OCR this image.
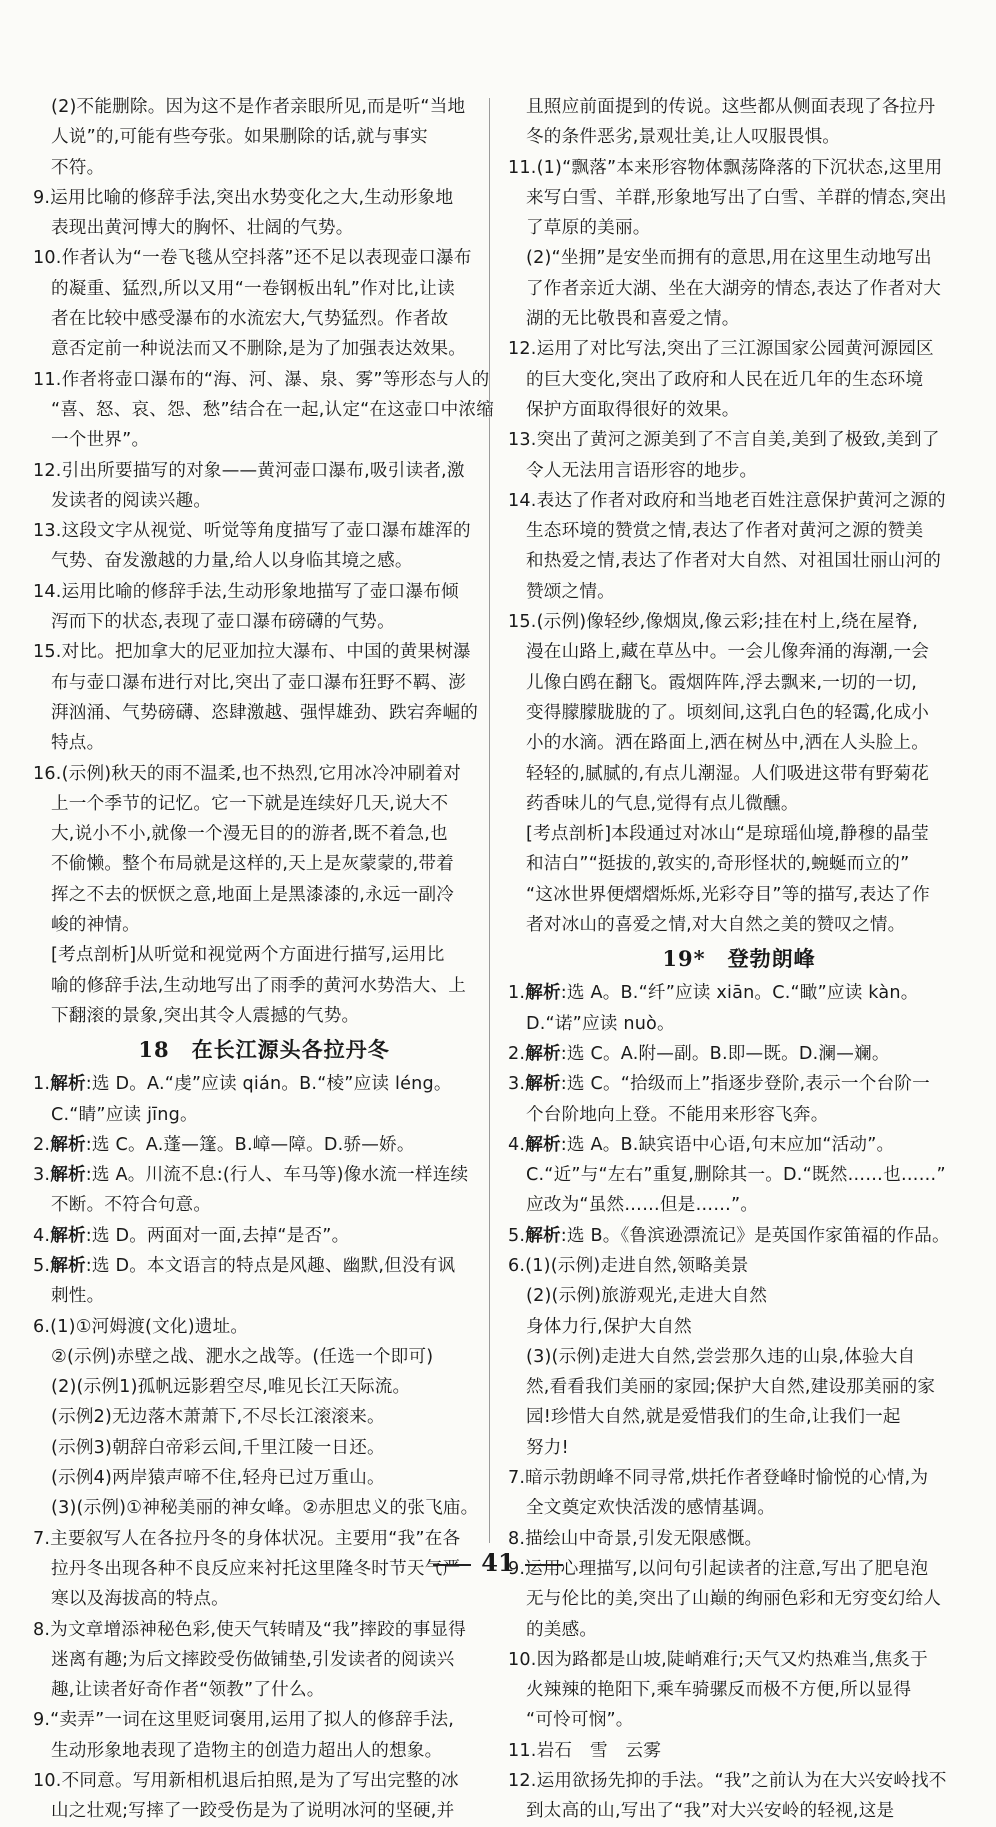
(2)不能删除。因为这不是作者亲眼所见,而是听“当地
人说”的,可能有些夸张。如果删除的话,就与事实
不符。
9.运用比喻的修辞手法,突出水势变化之大,生动形象地
表现出黄河博大的胸怀、壮阔的气势。
10.作者认为“一卷飞毯从空抖落”还不足以表现壶口瀑布
的凝重、猛烈,所以又用“一卷钢板出轧”作对比,让读
者在比较中感受瀑布的水流宏大,气势猛烈。作者故
意否定前一种说法而又不删除,是为了加强表达效果。
11.作者将壶口瀑布的“海、河、瀑、泉、雾”等形态与人的
“喜、怒、哀、怨、愁”结合在一起,认定“在这壶口中浓缩
一个世界”。
12.引出所要描写的对象——黄河壶口瀑布,吸引读者,激
发读者的阅读兴趣。
13.这段文字从视觉、听觉等角度描写了壶口瀑布雄浑的
气势、奋发激越的力量,给人以身临其境之感。
14.运用比喻的修辞手法,生动形象地描写了壶口瀑布倾
泻而下的状态,表现了壶口瀑布磅礴的气势。
15.对比。把加拿大的尼亚加拉大瀑布、中国的黄果树瀑
布与壶口瀑布进行对比,突出了壶口瀑布狂野不羁、澎
湃汹涌、气势磅礴、恣肆激越、强悍雄劲、跌宕奔崛的
特点。
16.(示例)秋天的雨不温柔,也不热烈,它用冰冷冲刷着对
上一个季节的记忆。它一下就是连续好几天,说大不
大,说小不小,就像一个漫无目的的游者,既不着急,也
不偷懒。整个布局就是这样的,天上是灰蒙蒙的,带着
挥之不去的恹恹之意,地面上是黑漆漆的,永远一副冷
峻的神情。
[考点剖析]从听觉和视觉两个方面进行描写,运用比
喻的修辞手法,生动地写出了雨季的黄河水势浩大、上
下翻滚的景象,突出其令人震撼的气势。
18　在长江源头各拉丹冬
1.解析:选 D。A.“虔”应读 qián。B.“棱”应读 léng。
C.“睛”应读 jīng。
2.解析:选 C。A.蓬—篷。B.嶂—障。D.骄—娇。
3.解析:选 A。川流不息:(行人、车马等)像水流一样连续
不断。不符合句意。
4.解析:选 D。两面对一面,去掉“是否”。
5.解析:选 D。本文语言的特点是风趣、幽默,但没有讽
刺性。
6.(1)①河姆渡(文化)遗址。
②(示例)赤壁之战、淝水之战等。(任选一个即可)
(2)(示例1)孤帆远影碧空尽,唯见长江天际流。
(示例2)无边落木萧萧下,不尽长江滚滚来。
(示例3)朝辞白帝彩云间,千里江陵一日还。
(示例4)两岸猿声啼不住,轻舟已过万重山。
(3)(示例)①神秘美丽的神女峰。②赤胆忠义的张飞庙。
7.主要叙写人在各拉丹冬的身体状况。主要用“我”在各
拉丹冬出现各种不良反应来衬托这里隆冬时节天气严
寒以及海拔高的特点。
8.为文章增添神秘色彩,使天气转晴及“我”摔跤的事显得
迷离有趣;为后文摔跤受伤做铺垫,引发读者的阅读兴
趣,让读者好奇作者“领教”了什么。
9.“卖弄”一词在这里贬词褒用,运用了拟人的修辞手法,
生动形象地表现了造物主的创造力超出人的想象。
10.不同意。写用新相机退后拍照,是为了写出完整的冰
山之壮观;写摔了一跤受伤是为了说明冰河的坚硬,并
且照应前面提到的传说。这些都从侧面表现了各拉丹
冬的条件恶劣,景观壮美,让人叹服畏惧。
11.(1)“飘落”本来形容物体飘荡降落的下沉状态,这里用
来写白雪、羊群,形象地写出了白雪、羊群的情态,突出
了草原的美丽。
(2)“坐拥”是安坐而拥有的意思,用在这里生动地写出
了作者亲近大湖、坐在大湖旁的情态,表达了作者对大
湖的无比敬畏和喜爱之情。
12.运用了对比写法,突出了三江源国家公园黄河源园区
的巨大变化,突出了政府和人民在近几年的生态环境
保护方面取得很好的效果。
13.突出了黄河之源美到了不言自美,美到了极致,美到了
令人无法用言语形容的地步。
14.表达了作者对政府和当地老百姓注意保护黄河之源的
生态环境的赞赏之情,表达了作者对黄河之源的赞美
和热爱之情,表达了作者对大自然、对祖国壮丽山河的
赞颂之情。
15.(示例)像轻纱,像烟岚,像云彩;挂在村上,绕在屋脊,
漫在山路上,藏在草丛中。一会儿像奔涌的海潮,一会
儿像白鸥在翻飞。霞烟阵阵,浮去飘来,一切的一切,
变得朦朦胧胧的了。顷刻间,这乳白色的轻霭,化成小
小的水滴。洒在路面上,洒在树丛中,洒在人头脸上。
轻轻的,腻腻的,有点儿潮湿。人们吸进这带有野菊花
药香味儿的气息,觉得有点儿微醺。
[考点剖析]本段通过对冰山“是琼瑶仙境,静穆的晶莹
和洁白”“挺拔的,敦实的,奇形怪状的,蜿蜒而立的”
“这冰世界便熠熠烁烁,光彩夺目”等的描写,表达了作
者对冰山的喜爱之情,对大自然之美的赞叹之情。
19*　登勃朗峰
1.解析:选 A。B.“纤”应读 xiān。C.“瞰”应读 kàn。
D.“诺”应读 nuò。
2.解析:选 C。A.附—副。B.即—既。D.澜—斓。
3.解析:选 C。“拾级而上”指逐步登阶,表示一个台阶一
个台阶地向上登。不能用来形容飞奔。
4.解析:选 A。B.缺宾语中心语,句末应加“活动”。
C.“近”与“左右”重复,删除其一。D.“既然……也……”
应改为“虽然……但是……”。
5.解析:选 B。《鲁滨逊漂流记》是英国作家笛福的作品。
6.(1)(示例)走进自然,领略美景
(2)(示例)旅游观光,走进大自然
身体力行,保护大自然
(3)(示例)走进大自然,尝尝那久违的山泉,体验大自
然,看看我们美丽的家园;保护大自然,建设那美丽的家
园!珍惜大自然,就是爱惜我们的生命,让我们一起
努力!
7.暗示勃朗峰不同寻常,烘托作者登峰时愉悦的心情,为
全文奠定欢快活泼的感情基调。
8.描绘山中奇景,引发无限感慨。
9.运用心理描写,以问句引起读者的注意,写出了肥皂泡
无与伦比的美,突出了山巅的绚丽色彩和无穷变幻给人
的美感。
10.因为路都是山坡,陡峭难行;天气又灼热难当,焦炙于
火辣辣的艳阳下,乘车骑骡反而极不方便,所以显得
“可怜可悯”。
11.岩石　雪　云雾
12.运用欲扬先抑的手法。“我”之前认为在大兴安岭找不
到太高的山,写出了“我”对大兴安岭的轻视,这是
41
